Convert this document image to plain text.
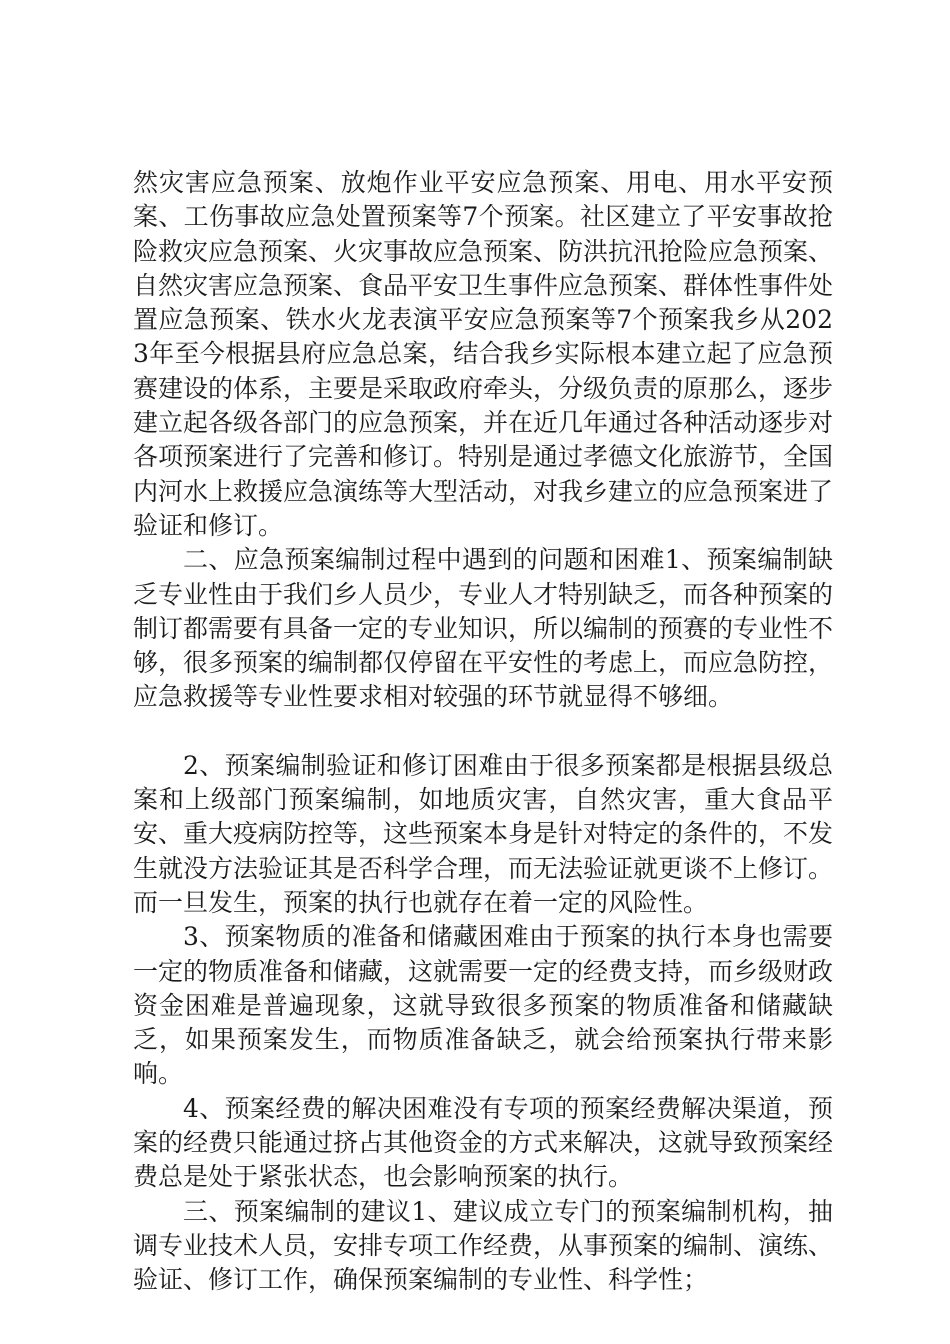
然灾害应急预案、放炮作业平安应急预案、用电、用水平安预案、工伤事故应急处置预案等7个预案。社区建立了平安事故抢险救灾应急预案、火灾事故应急预案、防洪抗汛抢险应急预案、自然灾害应急预案、食品平安卫生事件应急预案、群体性事件处置应急预案、铁水火龙表演平安应急预案等7个预案我乡从2023年至今根据县府应急总案，结合我乡实际根本建立起了应急预赛建设的体系，主要是采取政府牵头，分级负责的原那么，逐步建立起各级各部门的应急预案，并在近几年通过各种活动逐步对各项预案进行了完善和修订。特别是通过孝德文化旅游节，全国内河水上救援应急演练等大型活动，对我乡建立的应急预案进了验证和修订。

二、应急预案编制过程中遇到的问题和困难1、预案编制缺乏专业性由于我们乡人员少，专业人才特别缺乏，而各种预案的制订都需要有具备一定的专业知识，所以编制的预赛的专业性不够，很多预案的编制都仅停留在平安性的考虑上，而应急防控，应急救援等专业性要求相对较强的环节就显得不够细。

2、预案编制验证和修订困难由于很多预案都是根据县级总案和上级部门预案编制，如地质灾害，自然灾害，重大食品平安、重大疫病防控等，这些预案本身是针对特定的条件的，不发生就没方法验证其是否科学合理，而无法验证就更谈不上修订。而一旦发生，预案的执行也就存在着一定的风险性。

3、预案物质的准备和储藏困难由于预案的执行本身也需要一定的物质准备和储藏，这就需要一定的经费支持，而乡级财政资金困难是普遍现象，这就导致很多预案的物质准备和储藏缺乏，如果预案发生，而物质准备缺乏，就会给预案执行带来影响。

4、预案经费的解决困难没有专项的预案经费解决渠道，预案的经费只能通过挤占其他资金的方式来解决，这就导致预案经费总是处于紧张状态，也会影响预案的执行。

三、预案编制的建议1、建议成立专门的预案编制机构，抽调专业技术人员，安排专项工作经费，从事预案的编制、演练、验证、修订工作，确保预案编制的专业性、科学性；
